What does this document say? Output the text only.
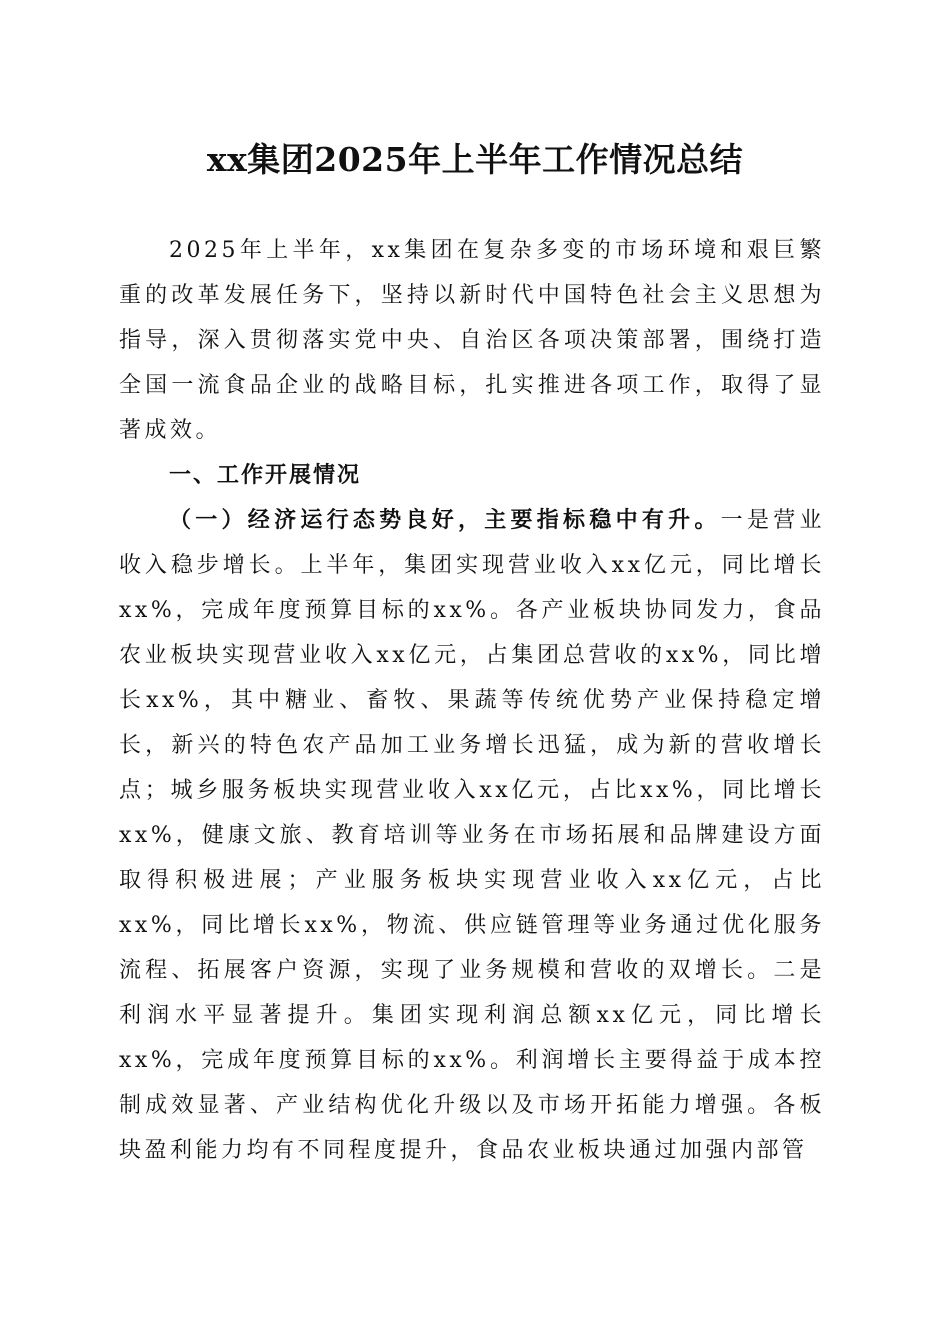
xx集团2025年上半年工作情况总结

2025年上半年，xx集团在复杂多变的市场环境和艰巨繁重的改革发展任务下，坚持以新时代中国特色社会主义思想为指导，深入贯彻落实党中央、自治区各项决策部署，围绕打造全国一流食品企业的战略目标，扎实推进各项工作，取得了显著成效。

一、工作开展情况

（一）经济运行态势良好，主要指标稳中有升。一是营业收入稳步增长。上半年，集团实现营业收入xx亿元，同比增长xx%，完成年度预算目标的xx%。各产业板块协同发力，食品农业板块实现营业收入xx亿元，占集团总营收的xx%，同比增长xx%，其中糖业、畜牧、果蔬等传统优势产业保持稳定增长，新兴的特色农产品加工业务增长迅猛，成为新的营收增长点；城乡服务板块实现营业收入xx亿元，占比xx%，同比增长xx%，健康文旅、教育培训等业务在市场拓展和品牌建设方面取得积极进展；产业服务板块实现营业收入xx亿元，占比xx%，同比增长xx%，物流、供应链管理等业务通过优化服务流程、拓展客户资源，实现了业务规模和营收的双增长。二是利润水平显著提升。集团实现利润总额xx亿元，同比增长xx%，完成年度预算目标的xx%。利润增长主要得益于成本控制成效显著、产业结构优化升级以及市场开拓能力增强。各板块盈利能力均有不同程度提升，食品农业板块通过加强内部管
